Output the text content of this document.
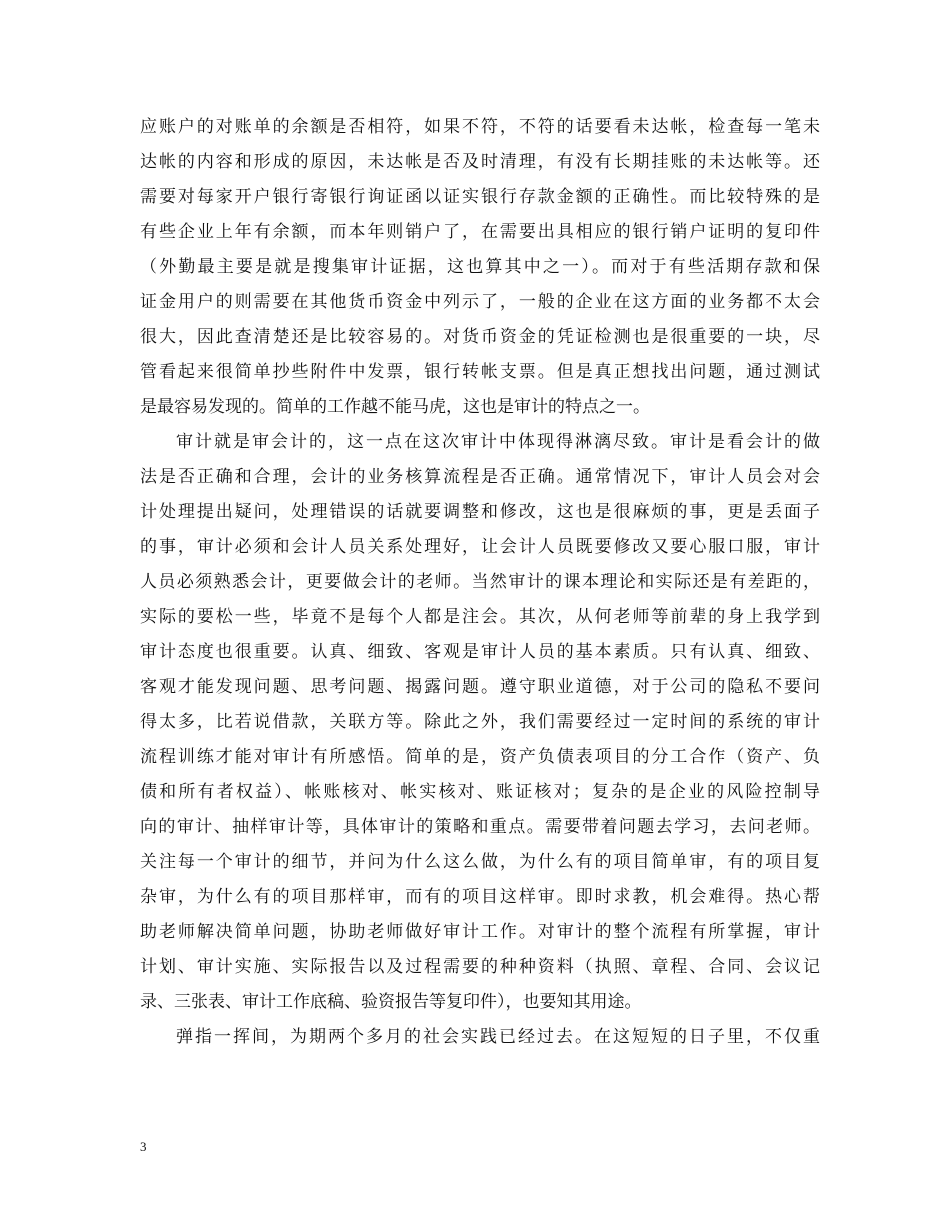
应账户的对账单的余额是否相符，如果不符，不符的话要看未达帐，检查每一笔未
达帐的内容和形成的原因，未达帐是否及时清理，有没有长期挂账的未达帐等。还
需要对每家开户银行寄银行询证函以证实银行存款金额的正确性。而比较特殊的是
有些企业上年有余额，而本年则销户了，在需要出具相应的银行销户证明的复印件
（外勤最主要是就是搜集审计证据，这也算其中之一）。而对于有些活期存款和保
证金用户的则需要在其他货币资金中列示了，一般的企业在这方面的业务都不太会
很大，因此查清楚还是比较容易的。对货币资金的凭证检测也是很重要的一块，尽
管看起来很简单抄些附件中发票，银行转帐支票。但是真正想找出问题，通过测试
是最容易发现的。简单的工作越不能马虎，这也是审计的特点之一。
审计就是审会计的，这一点在这次审计中体现得淋漓尽致。审计是看会计的做
法是否正确和合理，会计的业务核算流程是否正确。通常情况下，审计人员会对会
计处理提出疑问，处理错误的话就要调整和修改，这也是很麻烦的事，更是丢面子
的事，审计必须和会计人员关系处理好，让会计人员既要修改又要心服口服，审计
人员必须熟悉会计，更要做会计的老师。当然审计的课本理论和实际还是有差距的，
实际的要松一些，毕竟不是每个人都是注会。其次，从何老师等前辈的身上我学到
审计态度也很重要。认真、细致、客观是审计人员的基本素质。只有认真、细致、
客观才能发现问题、思考问题、揭露问题。遵守职业道德，对于公司的隐私不要问
得太多，比若说借款，关联方等。除此之外，我们需要经过一定时间的系统的审计
流程训练才能对审计有所感悟。简单的是，资产负债表项目的分工合作（资产、负
债和所有者权益）、帐账核对、帐实核对、账证核对；复杂的是企业的风险控制导
向的审计、抽样审计等，具体审计的策略和重点。需要带着问题去学习，去问老师。
关注每一个审计的细节，并问为什么这么做，为什么有的项目简单审，有的项目复
杂审，为什么有的项目那样审，而有的项目这样审。即时求教，机会难得。热心帮
助老师解决简单问题，协助老师做好审计工作。对审计的整个流程有所掌握，审计
计划、审计实施、实际报告以及过程需要的种种资料（执照、章程、合同、会议记
录、三张表、审计工作底稿、验资报告等复印件），也要知其用途。
弹指一挥间，为期两个多月的社会实践已经过去。在这短短的日子里，不仅重
3
